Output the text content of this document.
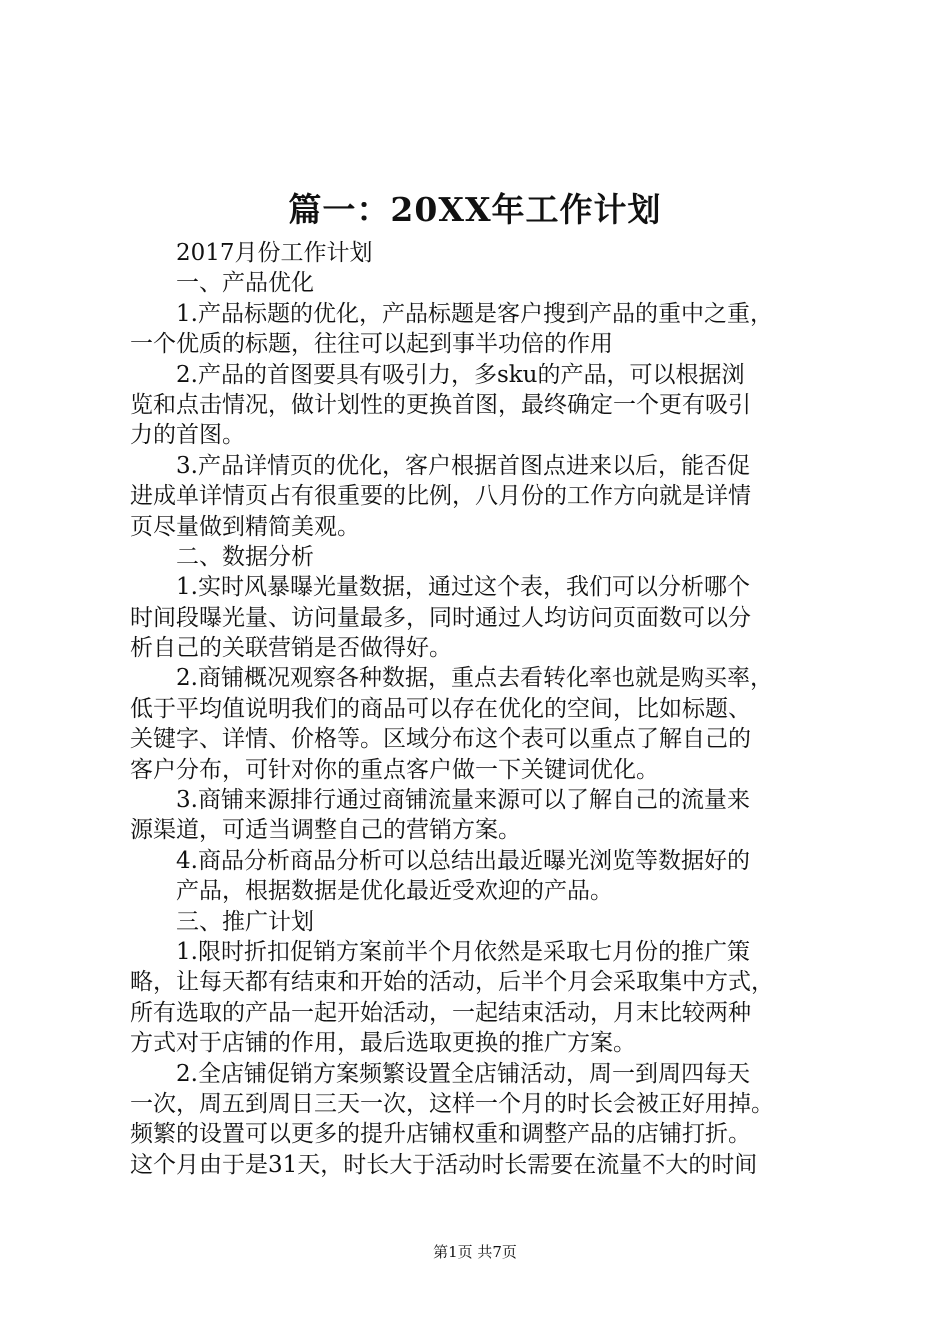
篇一：20XX年工作计划
2017月份工作计划
一、产品优化
1.产品标题的优化，产品标题是客户搜到产品的重中之重，
一个优质的标题，往往可以起到事半功倍的作用
2.产品的首图要具有吸引力，多sku的产品，可以根据浏
览和点击情况，做计划性的更换首图，最终确定一个更有吸引
力的首图。
3.产品详情页的优化，客户根据首图点进来以后，能否促
进成单详情页占有很重要的比例，八月份的工作方向就是详情
页尽量做到精简美观。
二、数据分析
1.实时风暴曝光量数据，通过这个表，我们可以分析哪个
时间段曝光量、访问量最多，同时通过人均访问页面数可以分
析自己的关联营销是否做得好。
2.商铺概况观察各种数据，重点去看转化率也就是购买率，
低于平均值说明我们的商品可以存在优化的空间，比如标题、
关键字、详情、价格等。区域分布这个表可以重点了解自己的
客户分布，可针对你的重点客户做一下关键词优化。
3.商铺来源排行通过商铺流量来源可以了解自己的流量来
源渠道，可适当调整自己的营销方案。
4.商品分析商品分析可以总结出最近曝光浏览等数据好的
产品，根据数据是优化最近受欢迎的产品。
三、推广计划
1.限时折扣促销方案前半个月依然是采取七月份的推广策
略，让每天都有结束和开始的活动，后半个月会采取集中方式，
所有选取的产品一起开始活动，一起结束活动，月末比较两种
方式对于店铺的作用，最后选取更换的推广方案。
2.全店铺促销方案频繁设置全店铺活动，周一到周四每天
一次，周五到周日三天一次，这样一个月的时长会被正好用掉。
频繁的设置可以更多的提升店铺权重和调整产品的店铺打折。
这个月由于是31天，时长大于活动时长需要在流量不大的时间
第1页 共7页
